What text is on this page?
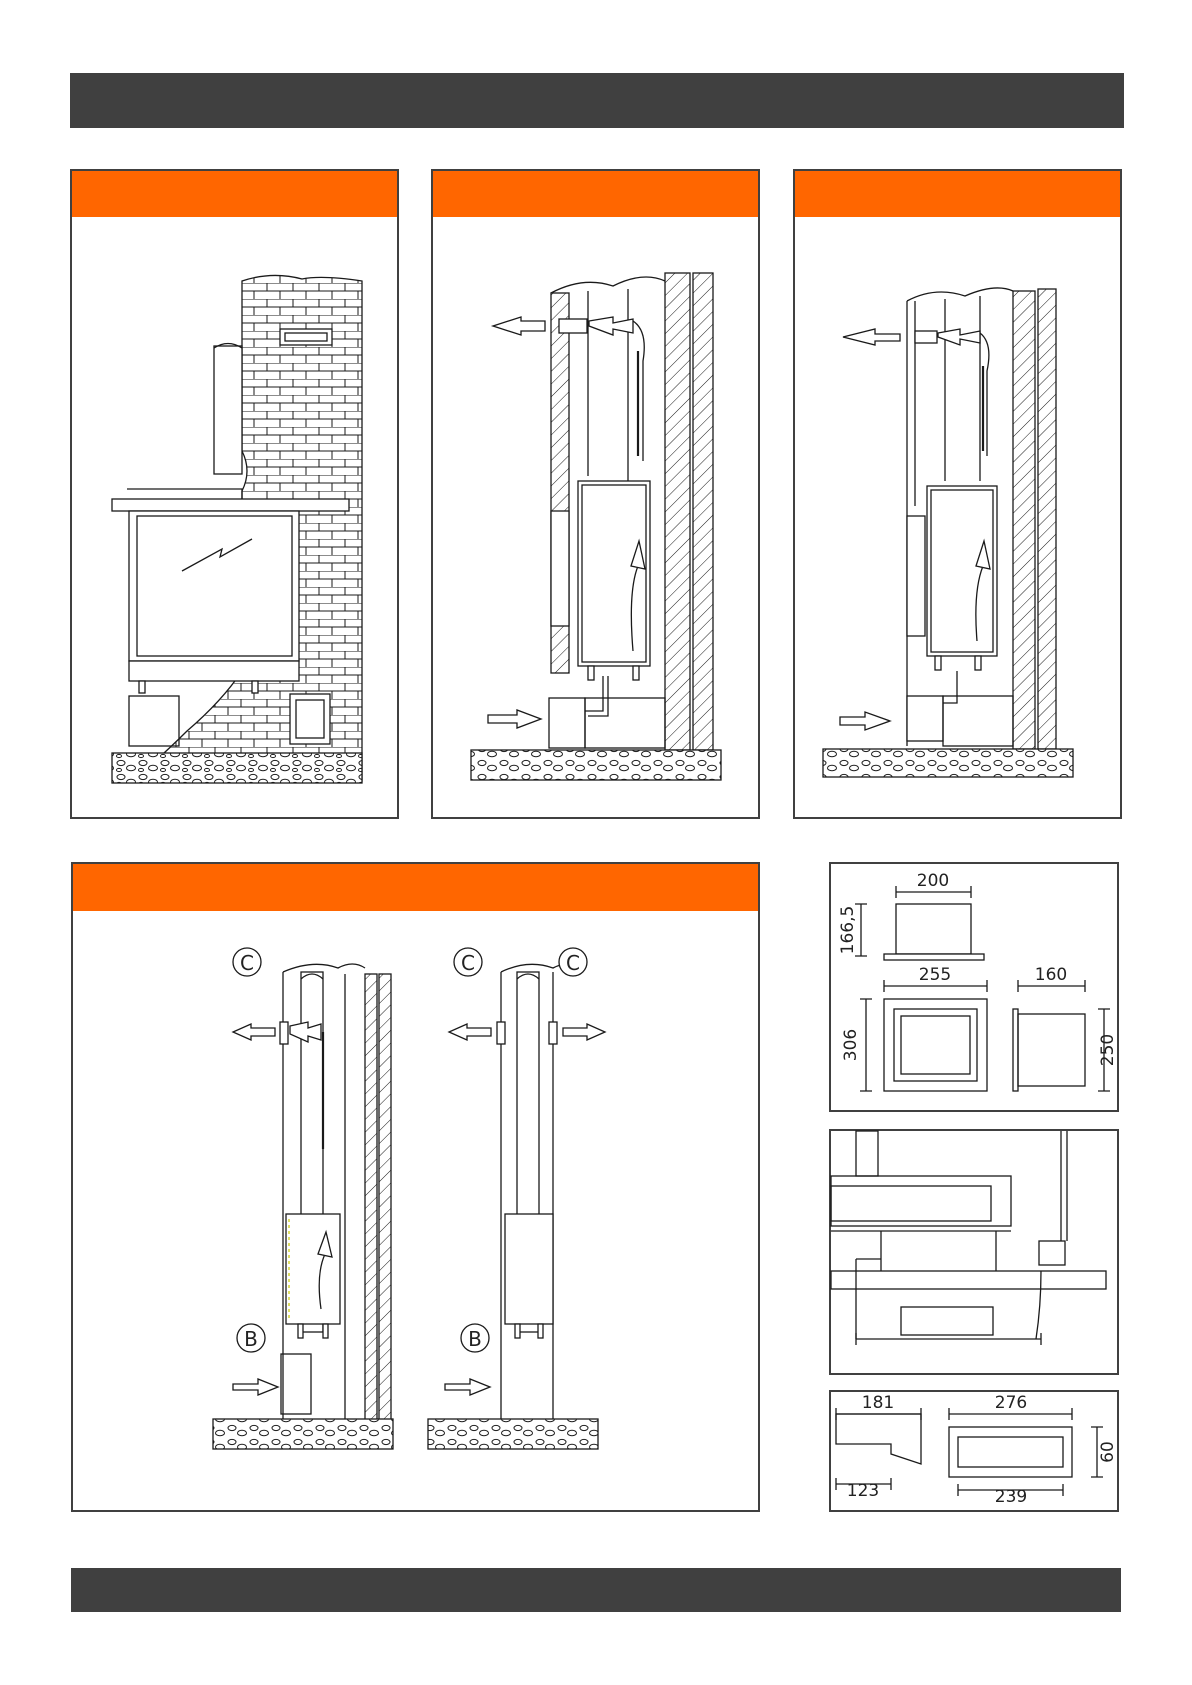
C
B
C	C
B
200
166,5
255
306
160
250
181
123
276
239
60
